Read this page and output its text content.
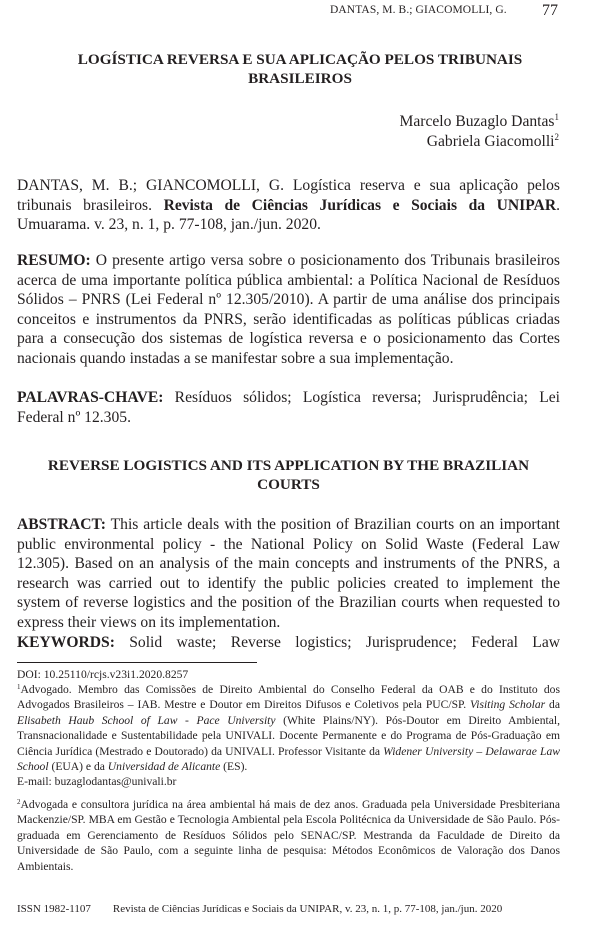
DANTAS, M. B.; GIACOMOLLI, G. 77
LOGÍSTICA REVERSA E SUA APLICAÇÃO PELOS TRIBUNAIS
BRASILEIROS
Marcelo Buzaglo Dantas$^1$
Gabriela Giacomolli$^2$
DANTAS, M. B.; GIANCOMOLLI, G. Logística reserva e sua aplicação pelos tribunais brasileiros. Revista de Ciências Jurídicas e Sociais da UNIPAR. Umuarama. v. 23, n. 1, p. 77-108, jan./jun. 2020.
RESUMO: O presente artigo versa sobre o posicionamento dos Tribunais brasileiros acerca de uma importante política pública ambiental: a Política Nacional de Resíduos Sólidos – PNRS (Lei Federal nº 12.305/2010). A partir de uma análise dos principais conceitos e instrumentos da PNRS, serão identificadas as políticas públicas criadas para a consecução dos sistemas de logística reversa e o posicionamento das Cortes nacionais quando instadas a se manifestar sobre a sua implementação.
PALAVRAS-CHAVE: Resíduos sólidos; Logística reversa; Jurisprudência; Lei Federal nº 12.305.
REVERSE LOGISTICS AND ITS APPLICATION BY THE BRAZILIAN
COURTS
ABSTRACT: This article deals with the position of Brazilian courts on an important public environmental policy - the National Policy on Solid Waste (Federal Law 12.305). Based on an analysis of the main concepts and instruments of the PNRS, a research was carried out to identify the public policies created to implement the system of reverse logistics and the position of the Brazilian courts when requested to express their views on its implementation.
KEYWORDS: Solid waste; Reverse logistics; Jurisprudence; Federal Law
DOI: 10.25110/rcjs.v23i1.2020.8257
$^1$Advogado. Membro das Comissões de Direito Ambiental do Conselho Federal da OAB e do Instituto dos Advogados Brasileiros – IAB. Mestre e Doutor em Direitos Difusos e Coletivos pela PUC/SP. Visiting Scholar da Elisabeth Haub School of Law - Pace University (White Plains/NY). Pós-Doutor em Direito Ambiental, Transnacionalidade e Sustentabilidade pela UNIVALI. Docente Permanente e do Programa de Pós-Graduação em Ciência Jurídica (Mestrado e Doutorado) da UNIVALI. Professor Visitante da Widener University – Delawarae Law School (EUA) e da Universidad de Alicante (ES).
E-mail: buzaglodantas@univali.br
$^2$Advogada e consultora jurídica na área ambiental há mais de dez anos. Graduada pela Universidade Presbiteriana Mackenzie/SP. MBA em Gestão e Tecnologia Ambiental pela Escola Politécnica da Universidade de São Paulo. Pós-graduada em Gerenciamento de Resíduos Sólidos pelo SENAC/SP. Mestranda da Faculdade de Direito da Universidade de São Paulo, com a seguinte linha de pesquisa: Métodos Econômicos de Valoração dos Danos Ambientais.
ISSN 1982-1107 Revista de Ciências Jurídicas e Sociais da UNIPAR, v. 23, n. 1, p. 77-108, jan./jun. 2020
